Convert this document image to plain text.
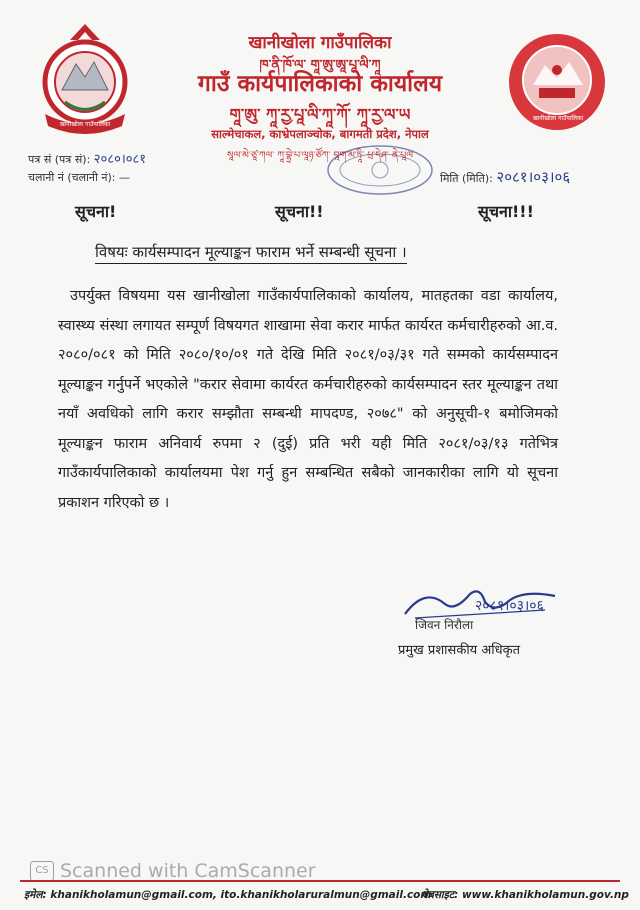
खानीखोला गाउँपालिका
खानीखोला गाउँपालिका
खानीखोला गाउँपालिका
ཁ་ནི་ཁོ་ལ་ གཱ་ཨུ་ཨཱ་པཱ་ལི་ཀཱ
गाउँ कार्यपालिकाको कार्यालय
གཱ་ཨུ་ ཀཱ་རྱ་པཱ་ལི་ཀཱ་ཀོ་ ཀཱ་རྱ་ལ་ཡ
साल्मेचाकल, काभ्रेपलाञ्चोक, बागमती प्रदेश, नेपाल
སཱལ་མེ་ཙཱ་ཀལ་ ཀཱ་བྷྲེ་པ་ལཱཉ་ཙོཀ་ བཱག་མ་ཏཱི་ པྲ་དེཤ་ ནེ་པཱལ
पत्र सं (पत्र सं): २०८०।०८१
चलानी नं (चलानी नं): —	मिति (मिति): २०८१।०३।०६
सूचना!	सूचना!!	सूचना!!!
विषयः कार्यसम्पादन मूल्याङ्कन फाराम भर्ने सम्बन्धी सूचना ।
उपर्युक्त विषयमा यस खानीखोला गाउँकार्यपालिकाको कार्यालय, मातहतका वडा कार्यालय, स्वास्थ्य संस्था लगायत सम्पूर्ण विषयगत शाखामा सेवा करार मार्फत कार्यरत कर्मचारीहरुको आ.व. २०८०/०८१ को मिति २०८०/१०/०१ गते देखि मिति २०८१/०३/३१ गते सम्मको कार्यसम्पादन मूल्याङ्कन गर्नुपर्ने भएकोले "करार सेवामा कार्यरत कर्मचारीहरुको कार्यसम्पादन स्तर मूल्याङ्कन तथा नयाँ अवधिको लागि करार सम्झौता सम्बन्धी मापदण्ड, २०७८" को अनुसूची-१ बमोजिमको मूल्याङ्कन फाराम अनिवार्य रुपमा २ (दुई) प्रति भरी यही मिति २०८१/०३/१३ गतेभित्र गाउँकार्यपालिकाको कार्यालयमा पेश गर्नु हुन सम्बन्धित सबैको जानकारीका लागि यो सूचना प्रकाशन गरिएको छ ।
२०८१।०३।०६
जिवन निरौला
प्रमुख प्रशासकीय अधिकृत
CS Scanned with CamScanner
इमेल: khanikholamun@gmail.com, ito.khanikholaruralmun@gmail.com
वेबसाइट: www.khanikholamun.gov.np
